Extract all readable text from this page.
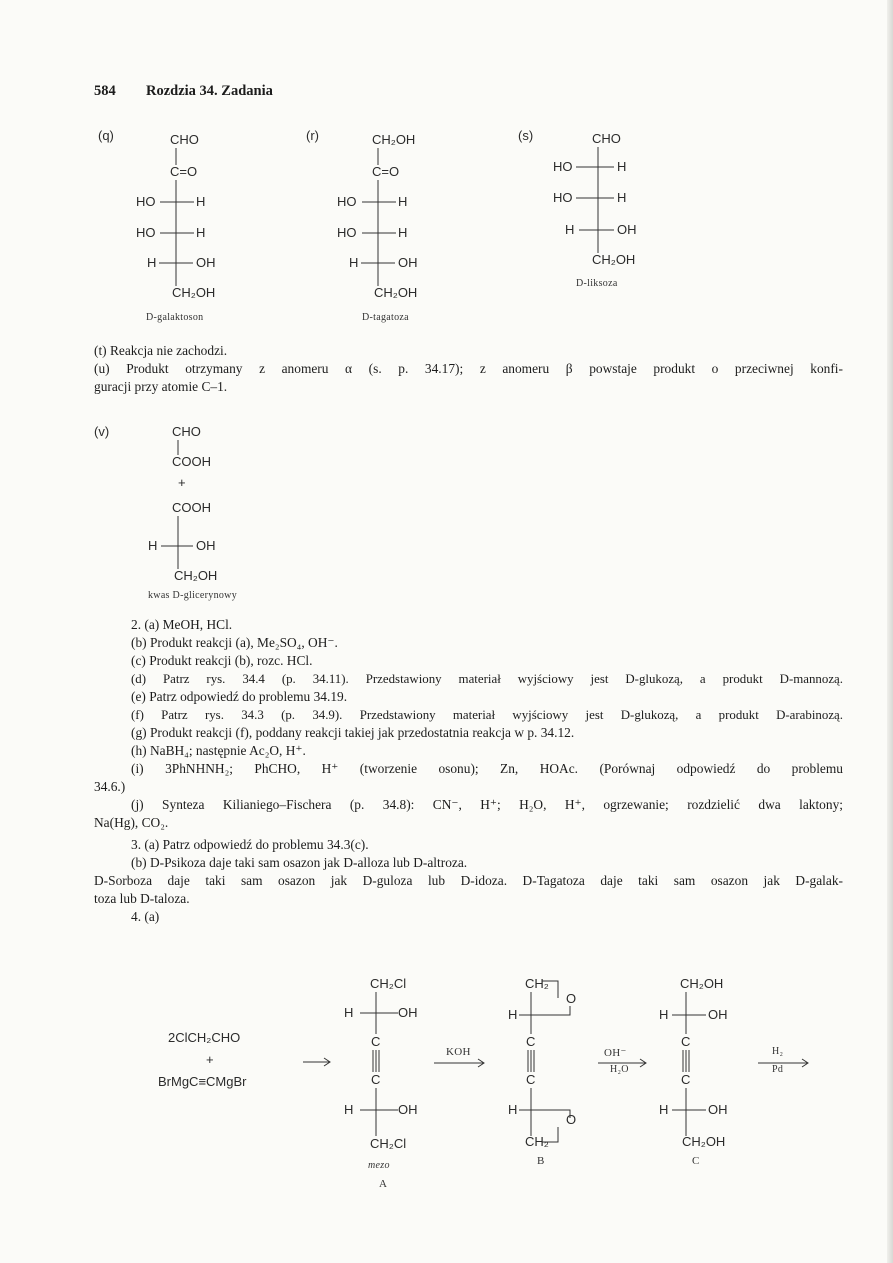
584 Rozdzia 34. Zadania
(q)	CHO
C=O
HO	H
HO	H
H	OH
CH₂OH
D-galaktoson
(r)	CH₂OH
C=O
HO	H
HO	H
H	OH
CH₂OH
D-tagatoza
(s)	CHO
HO	H
HO	H
H	OH
CH₂OH
D-liksoza
(t) Reakcja nie zachodzi.
(u) Produkt otrzymany z anomeru α (s. p. 34.17); z anomeru β powstaje produkt o przeciwnej konfi-
guracji przy atomie C–1.
(v)	CHO
COOH
+
COOH
H	OH
CH₂OH
kwas D-glicerynowy
2. (a) MeOH, HCl.
(b) Produkt reakcji (a), Me₂SO₄, OH⁻.
(c) Produkt reakcji (b), rozc. HCl.
(d) Patrz rys. 34.4 (p. 34.11). Przedstawiony materiał wyjściowy jest D-glukozą, a produkt D-mannozą.
(e) Patrz odpowiedź do problemu 34.19.
(f) Patrz rys. 34.3 (p. 34.9). Przedstawiony materiał wyjściowy jest D-glukozą, a produkt D-arabinozą.
(g) Produkt reakcji (f), poddany reakcji takiej jak przedostatnia reakcja w p. 34.12.
(h) NaBH₄; następnie Ac₂O, H⁺.
(i) 3PhNHNH₂; PhCHO, H⁺ (tworzenie osonu); Zn, HOAc. (Porównaj odpowiedź do problemu
34.6.)
(j) Synteza Kilianiego–Fischera (p. 34.8): CN⁻, H⁺; H₂O, H⁺, ogrzewanie; rozdzielić dwa laktony;
Na(Hg), CO₂.
3. (a) Patrz odpowiedź do problemu 34.3(c).
(b) D-Psikoza daje taki sam osazon jak D-alloza lub D-altroza.
D-Sorboza daje taki sam osazon jak D-guloza lub D-idoza. D-Tagatoza daje taki sam osazon jak D-galak-
toza lub D-taloza.
4. (a)
2ClCH₂CHO
+
BrMgC≡CMgBr
CH₂Cl
H	OH
C
C
H	OH
CH₂Cl
mezo
A
KOH
CH₂
O
H
C
C
H
O
CH₂
B
OH⁻
H₂O
CH₂OH
H	OH
C
C
H	OH
CH₂OH
C
H₂
Pd
